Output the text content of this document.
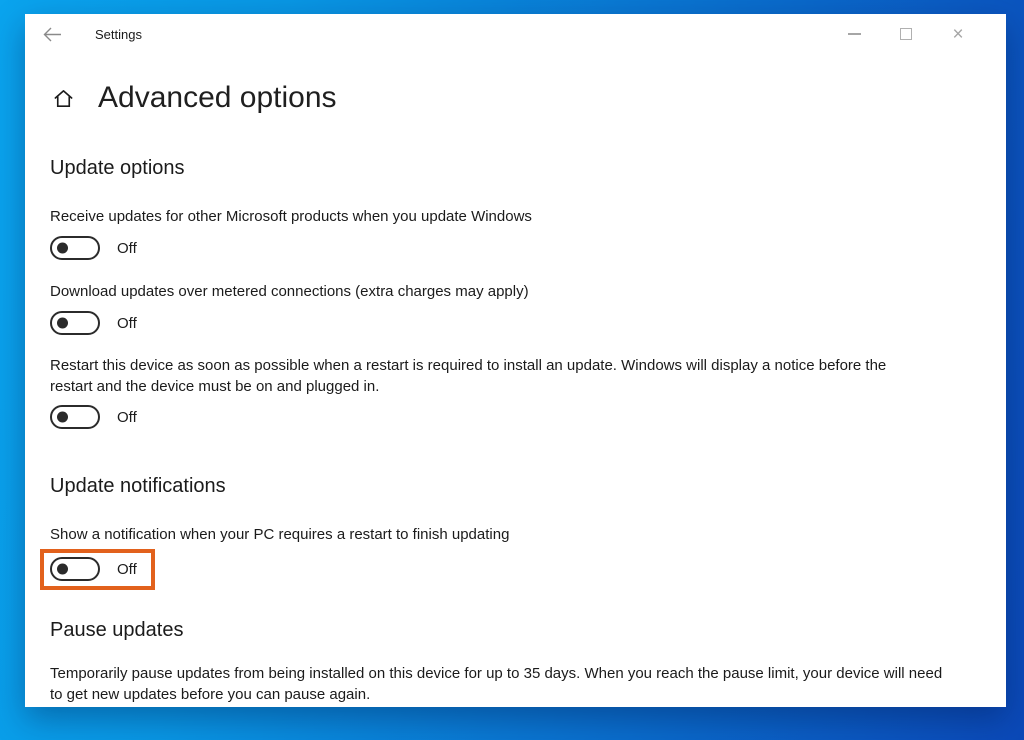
Settings	×
Advanced options
Update options
Receive updates for other Microsoft products when you update Windows
Off
Download updates over metered connections (extra charges may apply)
Off
Restart this device as soon as possible when a restart is required to install an update. Windows will display a notice before the restart and the device must be on and plugged in.
Off
Update notifications
Show a notification when your PC requires a restart to finish updating
Off
Pause updates

Temporarily pause updates from being installed on this device for up to 35 days. When you reach the pause limit, your device will need to get new updates before you can pause again.
